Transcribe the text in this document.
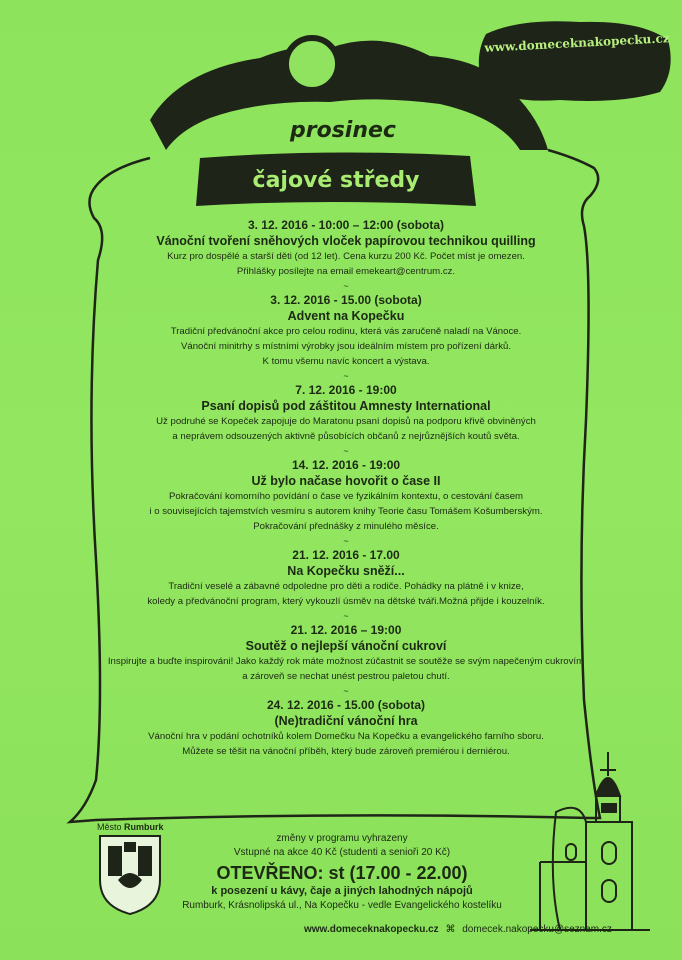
N A K PEČ K U
www.domeceknakopecku.cz
prosinec
čajové středy
3. 12. 2016 - 10:00 – 12:00 (sobota)
Vánoční tvoření sněhových vloček papírovou technikou quilling
Kurz pro dospělé a starší děti (od 12 let). Cena kurzu 200 Kč. Počet míst je omezen.
Přihlášky posílejte na email emekeart@centrum.cz.
~
3. 12. 2016 - 15.00 (sobota)
Advent na Kopečku
Tradiční předvánoční akce pro celou rodinu, která vás zaručeně naladí na Vánoce.
Vánoční minitrhy s místními výrobky jsou ideálním místem pro pořízení dárků.
K tomu všemu navíc koncert a výstava.
~
7. 12. 2016 - 19:00
Psaní dopisů pod záštitou Amnesty International
Už podruhé se Kopeček zapojuje do Maratonu psaní dopisů na podporu křivě obviněných
a neprávem odsouzených aktivně působících občanů z nejrůznějších koutů světa.
~
14. 12. 2016 - 19:00
Už bylo načase hovořit o čase II
Pokračování komorního povídání o čase ve fyzikálním kontextu, o cestování časem
i o souvisejících tajemstvích vesmíru s autorem knihy Teorie času Tomášem Košumberským.
Pokračování přednášky z minulého měsíce.
~
21. 12. 2016 - 17.00
Na Kopečku sněží...
Tradiční veselé a zábavné odpoledne pro děti a rodiče. Pohádky na plátně i v knize,
koledy a předvánoční program, který vykouzlí úsměv na dětské tváři.Možná přijde i kouzelník.
~
21. 12. 2016 – 19:00
Soutěž o nejlepší vánoční cukroví
Inspirujte a buďte inspirováni! Jako každý rok máte možnost zúčastnit se soutěže se svým napečeným cukrovím
a zároveň se nechat unést pestrou paletou chutí.
~
24. 12. 2016 - 15.00 (sobota)
(Ne)tradiční vánoční hra
Vánoční hra v podání ochotníků kolem Domečku Na Kopečku a evangelického farního sboru.
Můžete se těšit na vánoční příběh, který bude zároveň premiérou i derniérou.
Město Rumburk
změny v programu vyhrazeny
Vstupné na akce 40 Kč (studenti a senioři 20 Kč)
OTEVŘENO: st (17.00 - 22.00)
k posezení u kávy, čaje a jiných lahodných nápojů
Rumburk, Krásnolipská ul., Na Kopečku - vedle Evangelického kostelíku
www.domeceknakopecku.cz ⌘ domecek.nakopecku@seznam.cz
